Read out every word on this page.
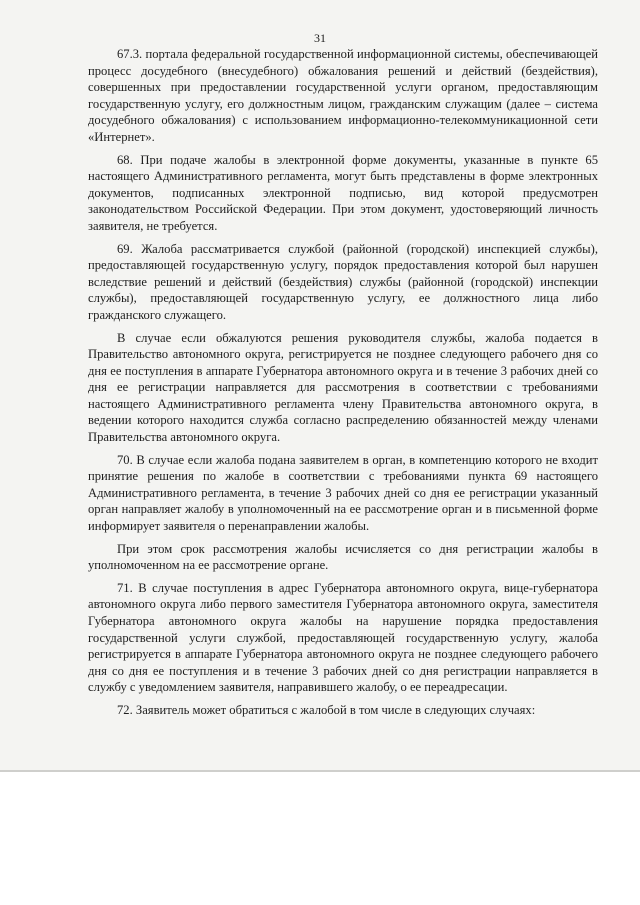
31

67.3. портала федеральной государственной информационной системы, обеспечивающей процесс досудебного (внесудебного) обжалования решений и действий (бездействия), совершенных при предоставлении государственной услуги органом, предоставляющим государственную услугу, его должностным лицом, гражданским служащим (далее – система досудебного обжалования) с использованием информационно-телекоммуникационной сети «Интернет».

68. При подаче жалобы в электронной форме документы, указанные в пункте 65 настоящего Административного регламента, могут быть представлены в форме электронных документов, подписанных электронной подписью, вид которой предусмотрен законодательством Российской Федерации. При этом документ, удостоверяющий личность заявителя, не требуется.

69. Жалоба рассматривается службой (районной (городской) инспекцией службы), предоставляющей государственную услугу, порядок предоставления которой был нарушен вследствие решений и действий (бездействия) службы (районной (городской) инспекции службы), предоставляющей государственную услугу, ее должностного лица либо гражданского служащего.

В случае если обжалуются решения руководителя службы, жалоба подается в Правительство автономного округа, регистрируется не позднее следующего рабочего дня со дня ее поступления в аппарате Губернатора автономного округа и в течение 3 рабочих дней со дня ее регистрации направляется для рассмотрения в соответствии с требованиями настоящего Административного регламента члену Правительства автономного округа, в ведении которого находится служба согласно распределению обязанностей между членами Правительства автономного округа.

70. В случае если жалоба подана заявителем в орган, в компетенцию которого не входит принятие решения по жалобе в соответствии с требованиями пункта 69 настоящего Административного регламента, в течение 3 рабочих дней со дня ее регистрации указанный орган направляет жалобу в уполномоченный на ее рассмотрение орган и в письменной форме информирует заявителя о перенаправлении жалобы.

При этом срок рассмотрения жалобы исчисляется со дня регистрации жалобы в уполномоченном на ее рассмотрение органе.

71. В случае поступления в адрес Губернатора автономного округа, вице-губернатора автономного округа либо первого заместителя Губернатора автономного округа, заместителя Губернатора автономного округа жалобы на нарушение порядка предоставления государственной услуги службой, предоставляющей государственную услугу, жалоба регистрируется в аппарате Губернатора автономного округа не позднее следующего рабочего дня со дня ее поступления и в течение 3 рабочих дней со дня регистрации направляется в службу с уведомлением заявителя, направившего жалобу, о ее переадресации.

72. Заявитель может обратиться с жалобой в том числе в следующих случаях:
